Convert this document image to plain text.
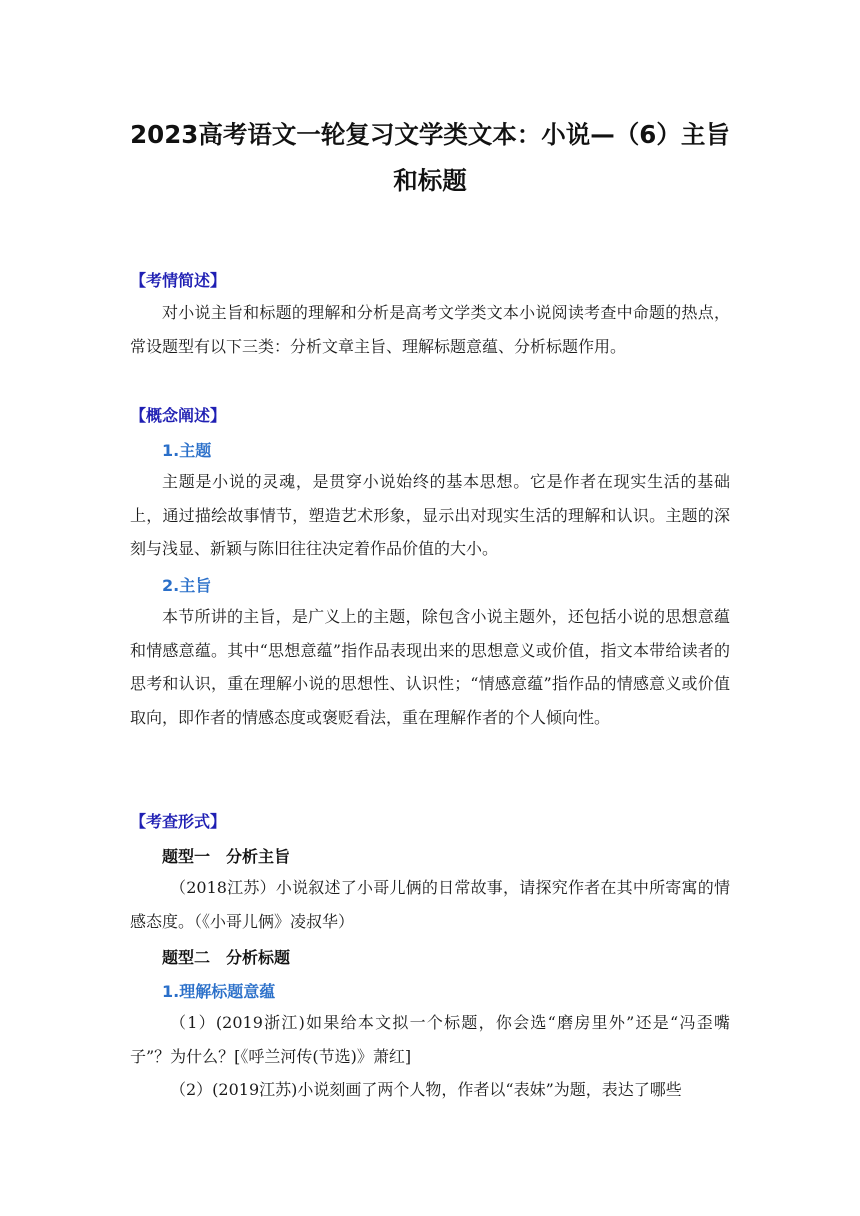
2023高考语文一轮复习文学类文本：小说—（6）主旨和标题
【考情简述】
对小说主旨和标题的理解和分析是高考文学类文本小说阅读考查中命题的热点，常设题型有以下三类：分析文章主旨、理解标题意蕴、分析标题作用。
【概念阐述】
1.主题
主题是小说的灵魂，是贯穿小说始终的基本思想。它是作者在现实生活的基础上，通过描绘故事情节，塑造艺术形象，显示出对现实生活的理解和认识。主题的深刻与浅显、新颖与陈旧往往决定着作品价值的大小。
2.主旨
本节所讲的主旨，是广义上的主题，除包含小说主题外，还包括小说的思想意蕴和情感意蕴。其中“思想意蕴”指作品表现出来的思想意义或价值，指文本带给读者的思考和认识，重在理解小说的思想性、认识性；“情感意蕴”指作品的情感意义或价值取向，即作者的情感态度或褒贬看法，重在理解作者的个人倾向性。
【考查形式】
题型一　分析主旨
（2018江苏）小说叙述了小哥儿俩的日常故事，请探究作者在其中所寄寓的情感态度。（《小哥儿俩》凌叔华）
题型二　分析标题
1.理解标题意蕴
（1）(2019浙江)如果给本文拟一个标题，你会选“磨房里外”还是“冯歪嘴子”？为什么？[《呼兰河传(节选)》萧红]
（2）(2019江苏)小说刻画了两个人物，作者以“表妹”为题，表达了哪些
